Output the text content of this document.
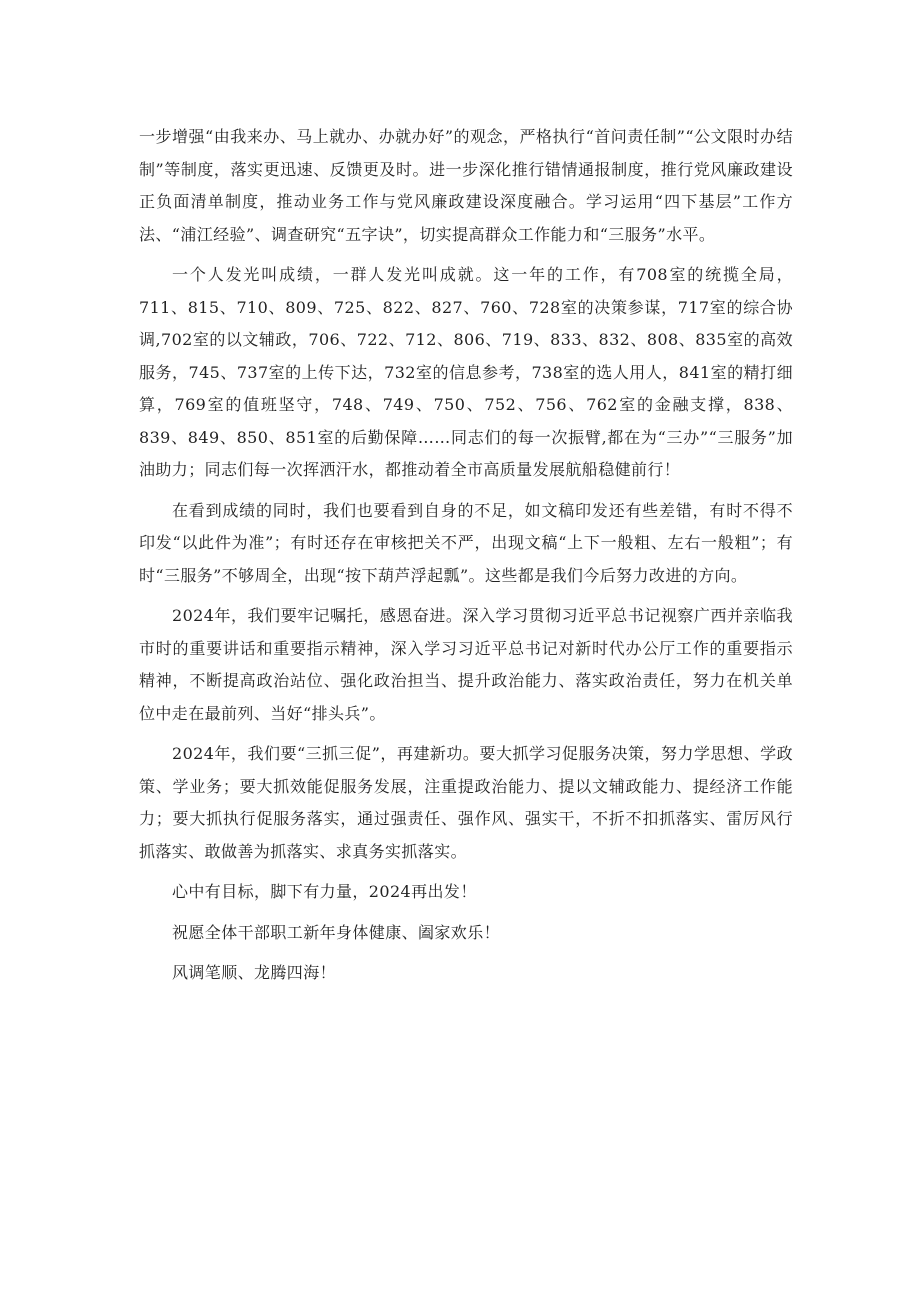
一步增强“由我来办、马上就办、办就办好”的观念，严格执行“首问责任制”“公文限时办结制”等制度，落实更迅速、反馈更及时。进一步深化推行错情通报制度，推行党风廉政建设正负面清单制度，推动业务工作与党风廉政建设深度融合。学习运用“四下基层”工作方法、“浦江经验”、调查研究“五字诀”，切实提高群众工作能力和“三服务”水平。

一个人发光叫成绩，一群人发光叫成就。这一年的工作，有708室的统揽全局，711、815、710、809、725、822、827、760、728室的决策参谋，717室的综合协调,702室的以文辅政，706、722、712、806、719、833、832、808、835室的高效服务，745、737室的上传下达，732室的信息参考，738室的选人用人，841室的精打细算，769室的值班坚守，748、749、750、752、756、762室的金融支撑，838、839、849、850、851室的后勤保障……同志们的每一次振臂,都在为“三办”“三服务”加油助力；同志们每一次挥洒汗水，都推动着全市高质量发展航船稳健前行！

在看到成绩的同时，我们也要看到自身的不足，如文稿印发还有些差错，有时不得不印发“以此件为准”；有时还存在审核把关不严，出现文稿“上下一般粗、左右一般粗”；有时“三服务”不够周全，出现“按下葫芦浮起瓢”。这些都是我们今后努力改进的方向。

2024年，我们要牢记嘱托，感恩奋进。深入学习贯彻习近平总书记视察广西并亲临我市时的重要讲话和重要指示精神，深入学习习近平总书记对新时代办公厅工作的重要指示精神，不断提高政治站位、强化政治担当、提升政治能力、落实政治责任，努力在机关单位中走在最前列、当好“排头兵”。

2024年，我们要“三抓三促”，再建新功。要大抓学习促服务决策，努力学思想、学政策、学业务；要大抓效能促服务发展，注重提政治能力、提以文辅政能力、提经济工作能力；要大抓执行促服务落实，通过强责任、强作风、强实干，不折不扣抓落实、雷厉风行抓落实、敢做善为抓落实、求真务实抓落实。

心中有目标，脚下有力量，2024再出发！

祝愿全体干部职工新年身体健康、阖家欢乐！

风调笔顺、龙腾四海！
